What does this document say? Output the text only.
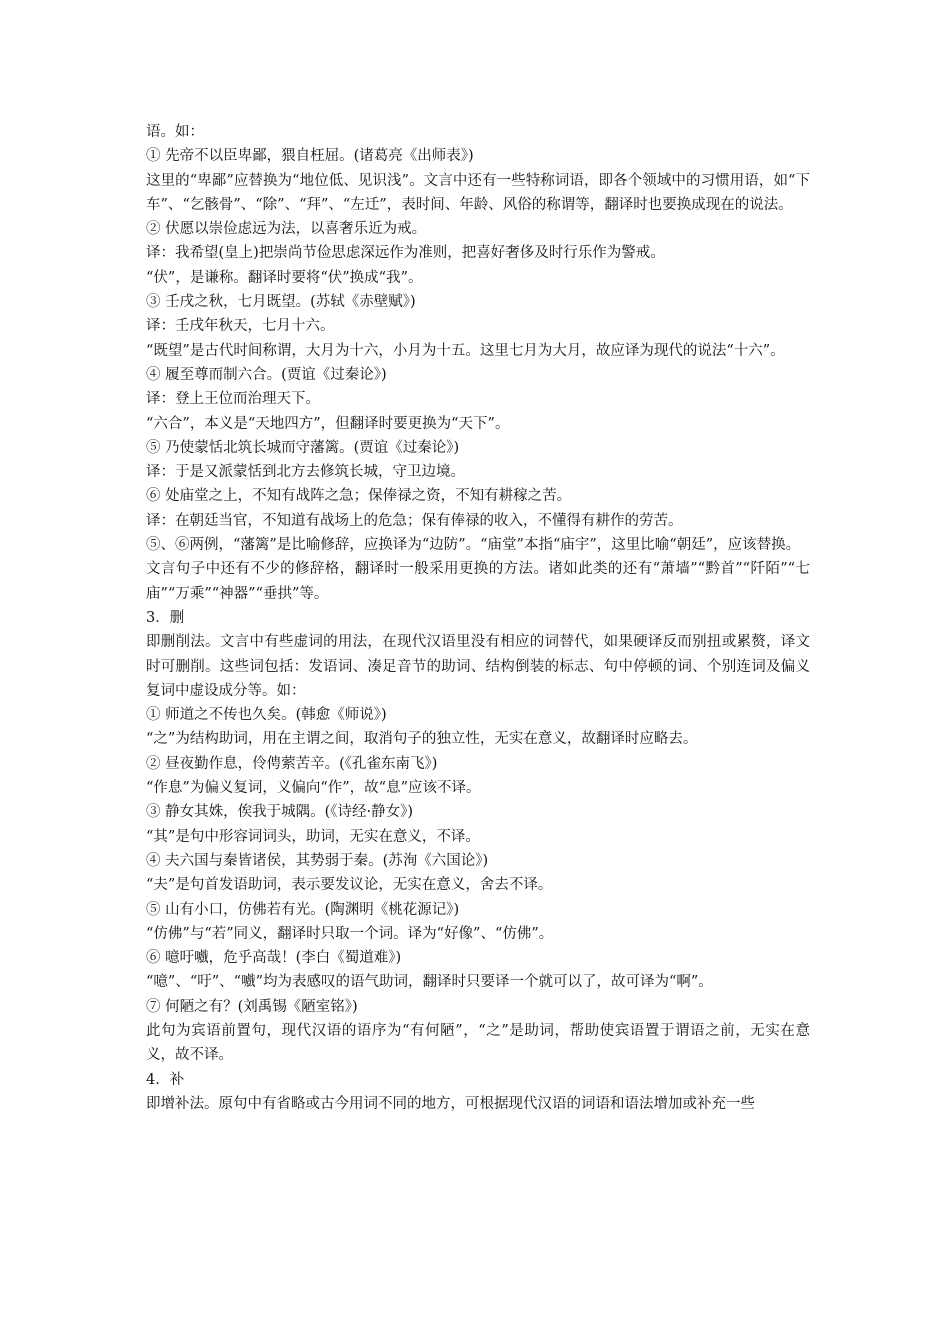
语。如：

① 先帝不以臣卑鄙，猥自枉屈。(诸葛亮《出师表》)

这里的“卑鄙”应替换为“地位低、见识浅”。文言中还有一些特称词语，即各个领域中的习惯用语，如“下车”、“乞骸骨”、“除”、“拜”、“左迁”，表时间、年龄、风俗的称谓等，翻译时也要换成现在的说法。

② 伏愿以崇俭虑远为法，以喜奢乐近为戒。

译：我希望(皇上)把崇尚节俭思虑深远作为准则，把喜好奢侈及时行乐作为警戒。

“伏”，是谦称。翻译时要将“伏”换成“我”。

③ 壬戌之秋，七月既望。(苏轼《赤壁赋》)

译：壬戌年秋天，七月十六。

“既望”是古代时间称谓，大月为十六，小月为十五。这里七月为大月，故应译为现代的说法“十六”。

④ 履至尊而制六合。(贾谊《过秦论》)

译：登上王位而治理天下。

“六合”，本义是“天地四方”，但翻译时要更换为“天下”。

⑤ 乃使蒙恬北筑长城而守藩篱。(贾谊《过秦论》)

译：于是又派蒙恬到北方去修筑长城，守卫边境。

⑥ 处庙堂之上，不知有战阵之急；保俸禄之资，不知有耕稼之苦。

译：在朝廷当官，不知道有战场上的危急；保有俸禄的收入，不懂得有耕作的劳苦。

⑤、⑥两例，“藩篱”是比喻修辞，应换译为“边防”。“庙堂”本指“庙宇”，这里比喻“朝廷”，应该替换。

文言句子中还有不少的修辞格，翻译时一般采用更换的方法。诸如此类的还有“萧墙”“黔首”“阡陌”“七庙”“万乘”“神器”“垂拱”等。

3．删

即删削法。文言中有些虚词的用法，在现代汉语里没有相应的词替代，如果硬译反而别扭或累赘，译文时可删削。这些词包括：发语词、凑足音节的助词、结构倒装的标志、句中停顿的词、个别连词及偏义复词中虚设成分等。如：

① 师道之不传也久矣。(韩愈《师说》)

“之”为结构助词，用在主谓之间，取消句子的独立性，无实在意义，故翻译时应略去。

② 昼夜勤作息，伶俜萦苦辛。(《孔雀东南飞》)

“作息”为偏义复词，义偏向“作”，故“息”应该不译。

③ 静女其姝，俟我于城隅。(《诗经·静女》)

“其”是句中形容词词头，助词，无实在意义，不译。

④ 夫六国与秦皆诸侯，其势弱于秦。(苏洵《六国论》)

“夫”是句首发语助词，表示要发议论，无实在意义，舍去不译。

⑤ 山有小口，仿佛若有光。(陶渊明《桃花源记》)

“仿佛”与“若”同义，翻译时只取一个词。译为“好像”、“仿佛”。

⑥ 噫吁嚱，危乎高哉！(李白《蜀道难》)

“噫”、“吁”、“嚱”均为表感叹的语气助词，翻译时只要译一个就可以了，故可译为“啊”。

⑦ 何陋之有？(刘禹锡《陋室铭》)

此句为宾语前置句，现代汉语的语序为“有何陋”，“之”是助词，帮助使宾语置于谓语之前，无实在意义，故不译。

4．补

即增补法。原句中有省略或古今用词不同的地方，可根据现代汉语的词语和语法增加或补充一些
